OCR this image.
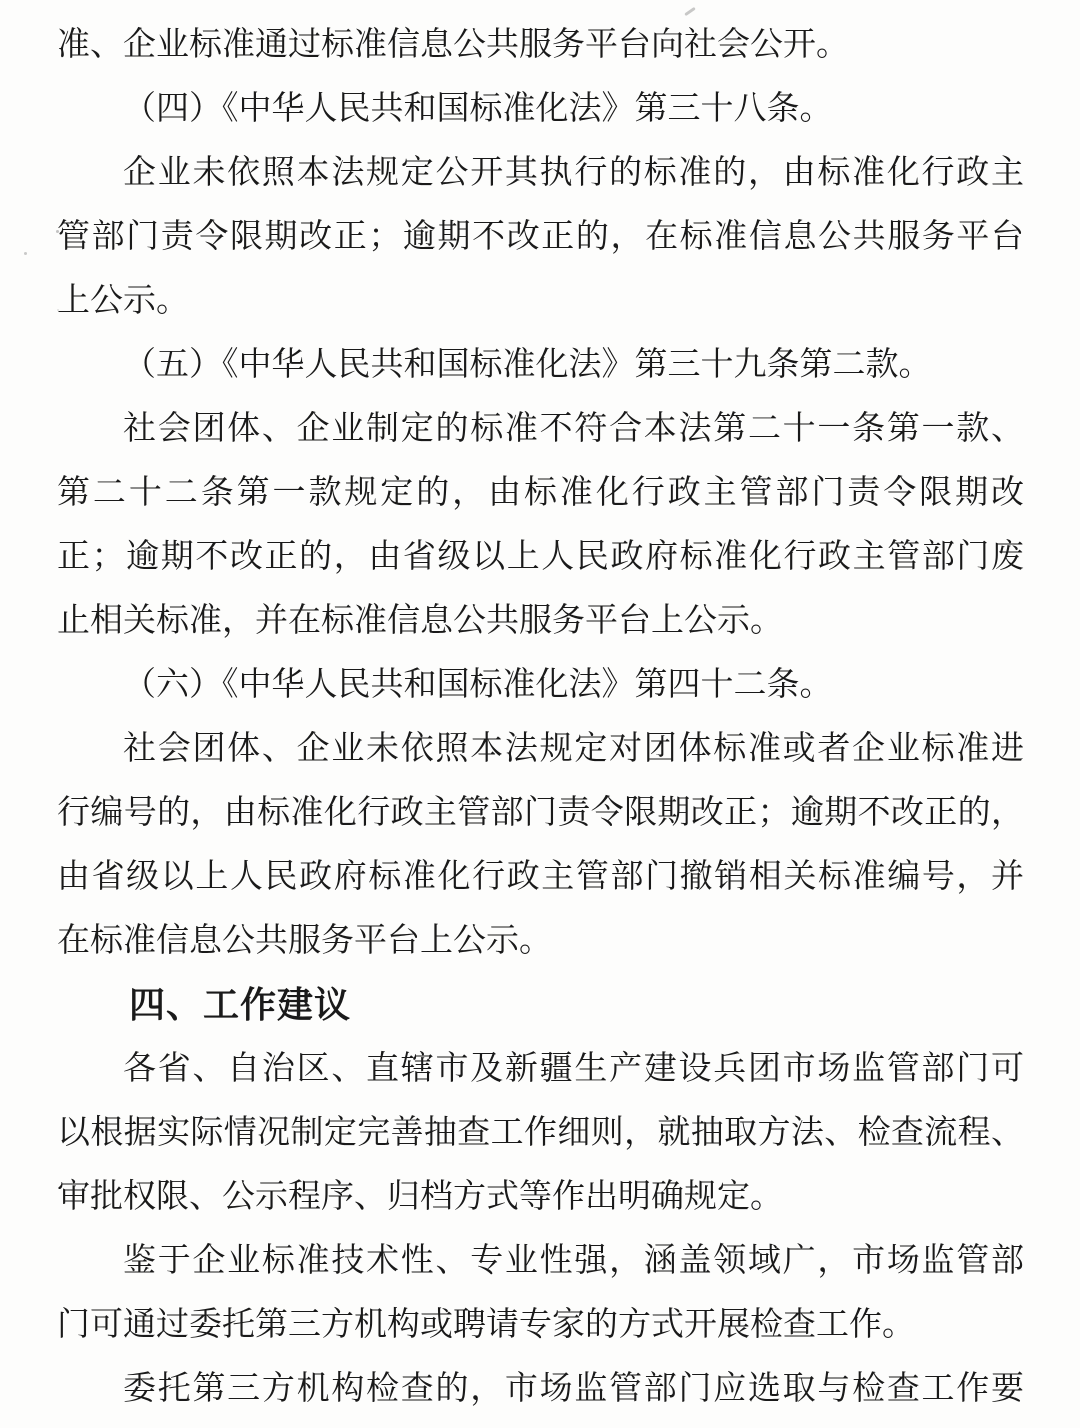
准、企业标准通过标准信息公共服务平台向社会公开。
（四）《中华人民共和国标准化法》第三十八条。
企业未依照本法规定公开其执行的标准的，由标准化行政主
管部门责令限期改正；逾期不改正的，在标准信息公共服务平台
上公示。
（五）《中华人民共和国标准化法》第三十九条第二款。
社会团体、企业制定的标准不符合本法第二十一条第一款、
第二十二条第一款规定的，由标准化行政主管部门责令限期改
正；逾期不改正的，由省级以上人民政府标准化行政主管部门废
止相关标准，并在标准信息公共服务平台上公示。
（六）《中华人民共和国标准化法》第四十二条。
社会团体、企业未依照本法规定对团体标准或者企业标准进
行编号的，由标准化行政主管部门责令限期改正；逾期不改正的，
由省级以上人民政府标准化行政主管部门撤销相关标准编号，并
在标准信息公共服务平台上公示。
四、工作建议
各省、自治区、直辖市及新疆生产建设兵团市场监管部门可
以根据实际情况制定完善抽查工作细则，就抽取方法、检查流程、
审批权限、公示程序、归档方式等作出明确规定。
鉴于企业标准技术性、专业性强，涵盖领域广，市场监管部
门可通过委托第三方机构或聘请专家的方式开展检查工作。
委托第三方机构检查的，市场监管部门应选取与检查工作要
